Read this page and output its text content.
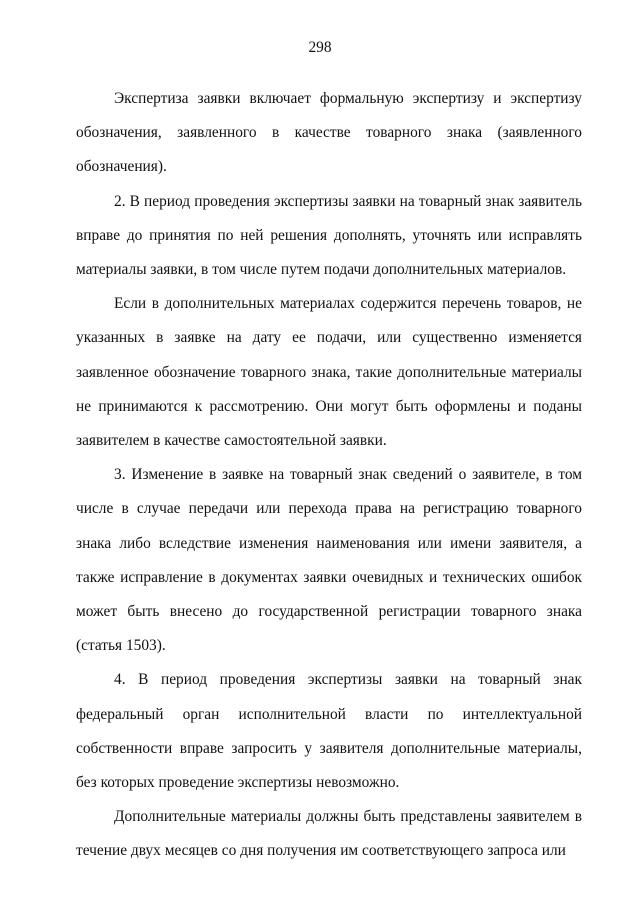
298

Экспертиза заявки включает формальную экспертизу и экспертизу обозначения, заявленного в качестве товарного знака (заявленного обозначения).

2. В период проведения экспертизы заявки на товарный знак заявитель вправе до принятия по ней решения дополнять, уточнять или исправлять материалы заявки, в том числе путем подачи дополнительных материалов.

Если в дополнительных материалах содержится перечень товаров, не указанных в заявке на дату ее подачи, или существенно изменяется заявленное обозначение товарного знака, такие дополнительные материалы не принимаются к рассмотрению. Они могут быть оформлены и поданы заявителем в качестве самостоятельной заявки.

3. Изменение в заявке на товарный знак сведений о заявителе, в том числе в случае передачи или перехода права на регистрацию товарного знака либо вследствие изменения наименования или имени заявителя, а также исправление в документах заявки очевидных и технических ошибок может быть внесено до государственной регистрации товарного знака (статья 1503).

4. В период проведения экспертизы заявки на товарный знак федеральный орган исполнительной власти по интеллектуальной собственности вправе запросить у заявителя дополнительные материалы, без которых проведение экспертизы невозможно.

Дополнительные материалы должны быть представлены заявителем в течение двух месяцев со дня получения им соответствующего запроса или
